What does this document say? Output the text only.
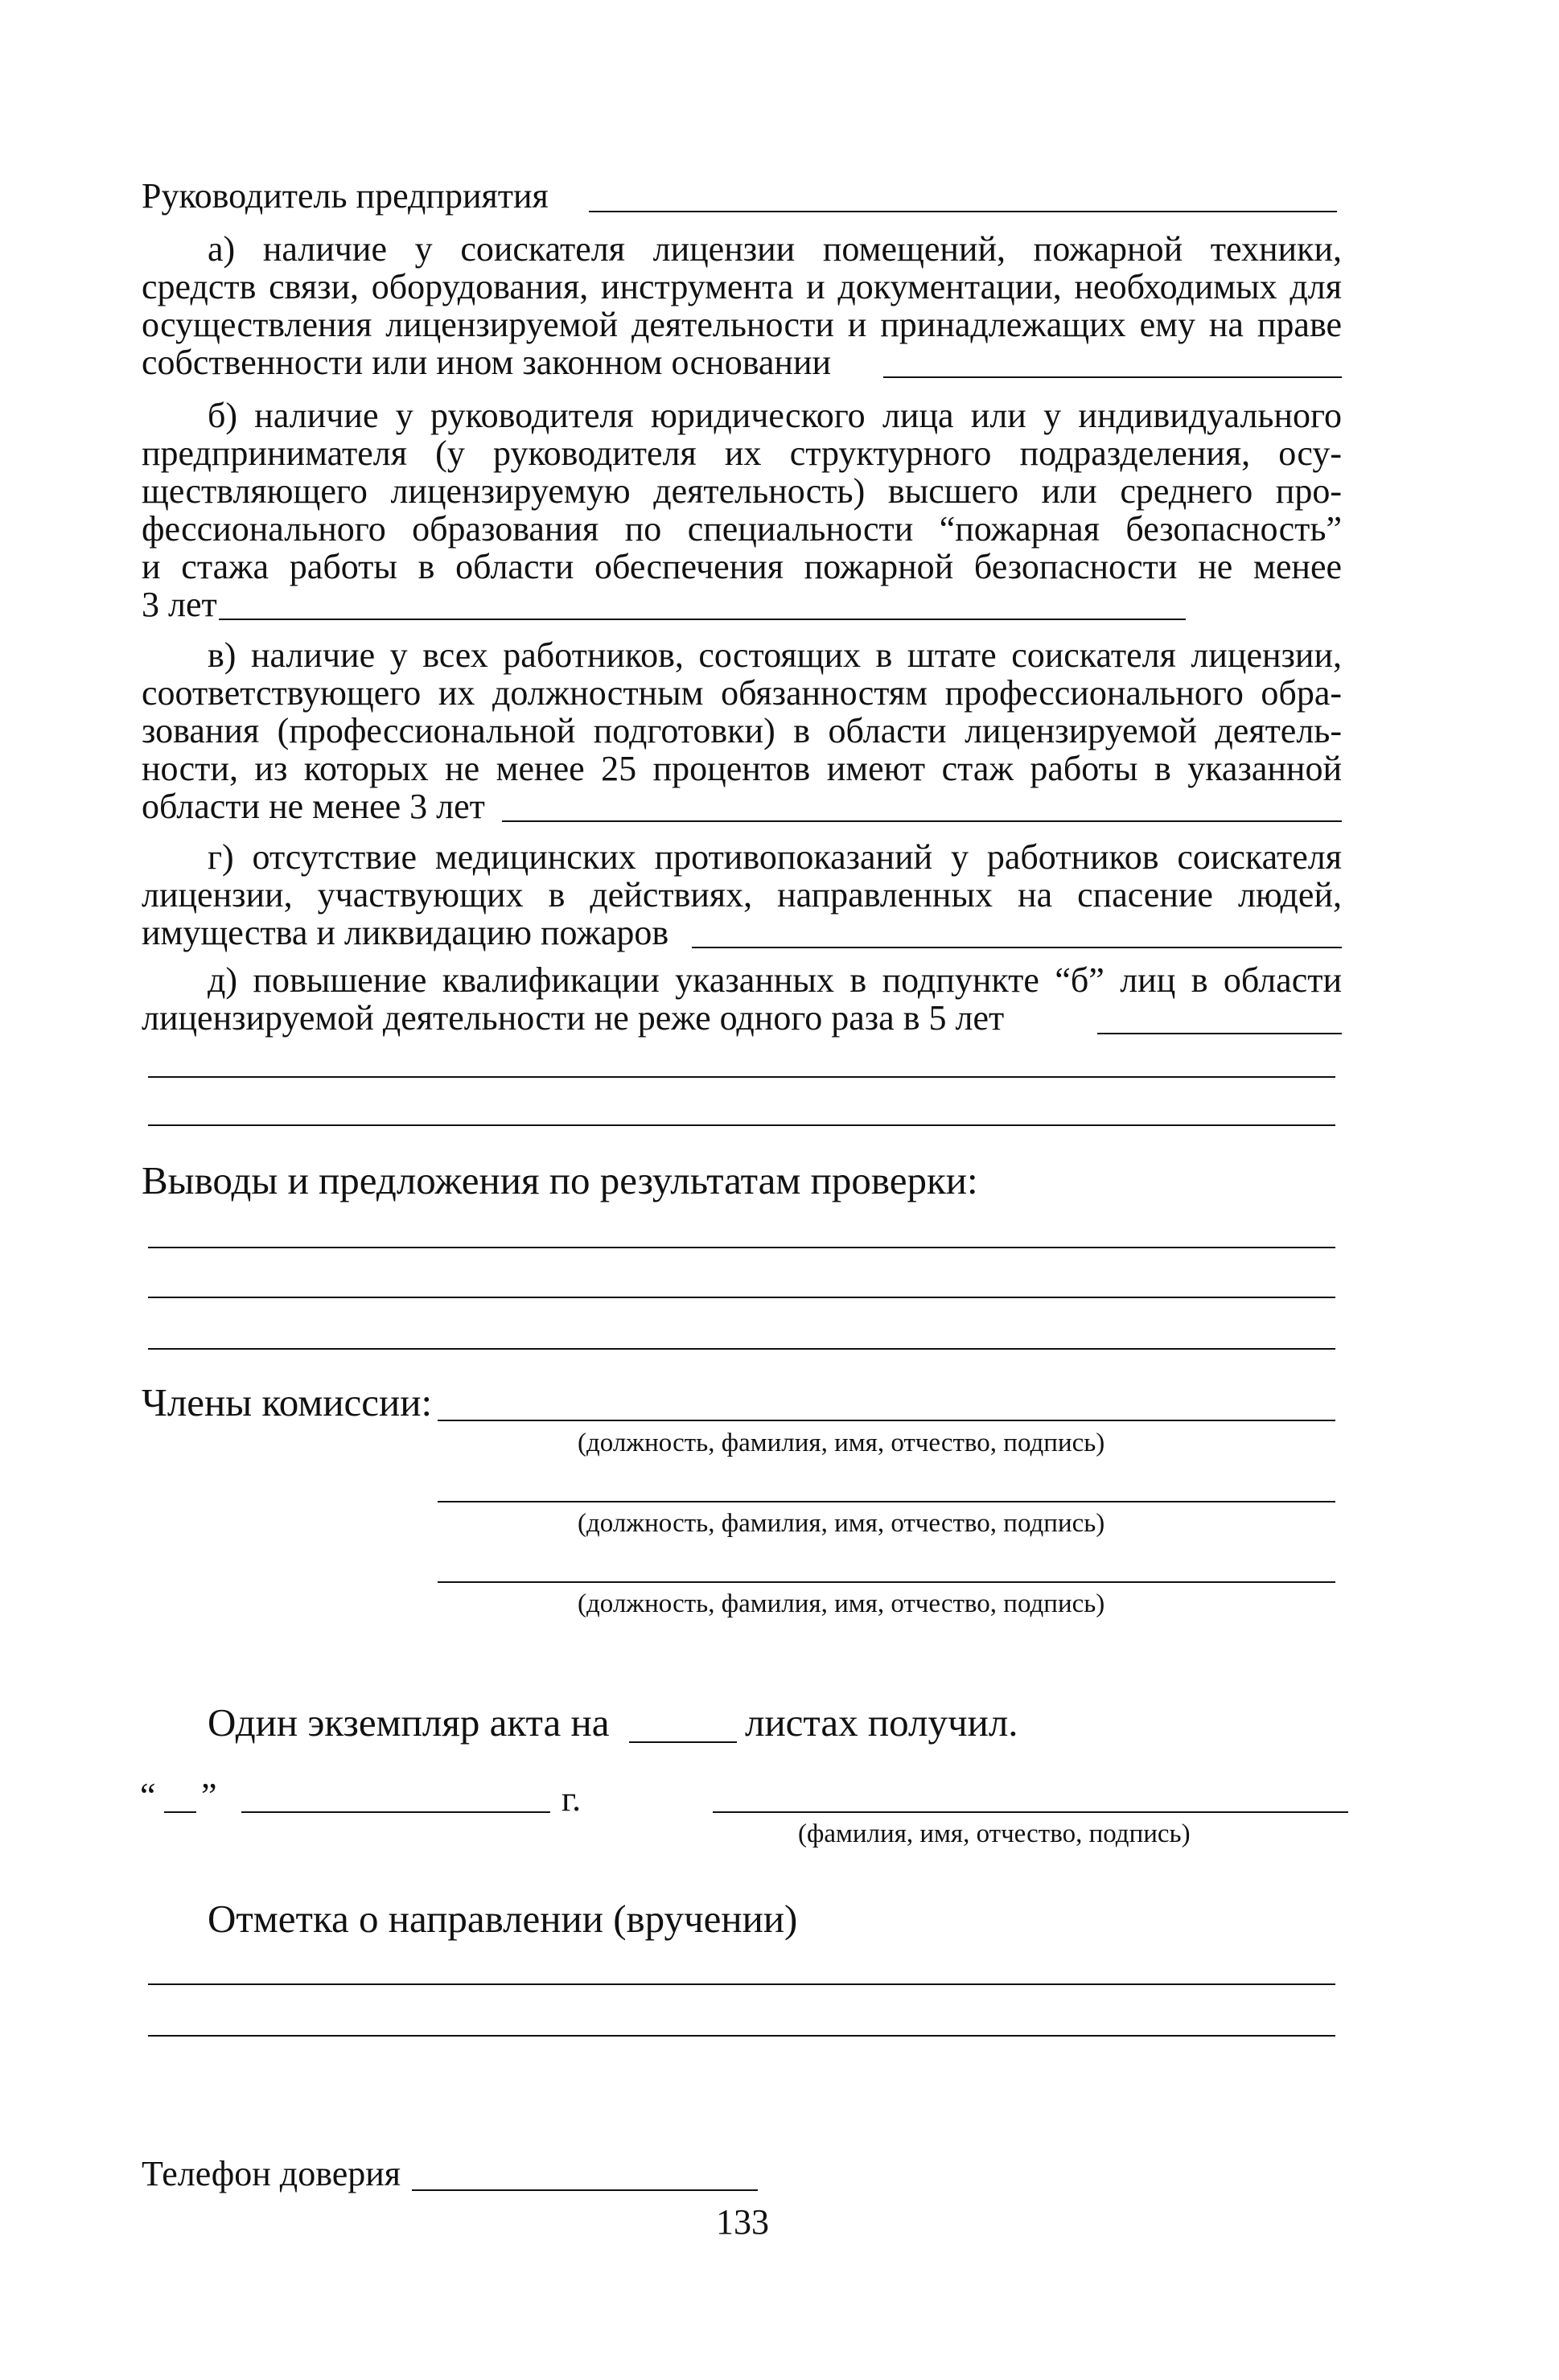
Руководитель предприятия
а) наличие у соискателя лицензии помещений, пожарной техники,
средств связи, оборудования, инструмента и документации, необходимых для
осуществления лицензируемой деятельности и принадлежащих ему на праве
собственности или ином законном основании
б) наличие у руководителя юридического лица или у индивидуального
предпринимателя (у руководителя их структурного подразделения, осу-
ществляющего лицензируемую деятельность) высшего или среднего про-
фессионального образования по специальности “пожарная безопасность”
и стажа работы в области обеспечения пожарной безопасности не менее
3 лет
в) наличие у всех работников, состоящих в штате соискателя лицензии,
соответствующего их должностным обязанностям профессионального обра-
зования (профессиональной подготовки) в области лицензируемой деятель-
ности, из которых не менее 25 процентов имеют стаж работы в указанной
области не менее 3 лет
г) отсутствие медицинских противопоказаний у работников соискателя
лицензии, участвующих в действиях, направленных на спасение людей,
имущества и ликвидацию пожаров
д) повышение квалификации указанных в подпункте “б” лиц в области
лицензируемой деятельности не реже одного раза в 5 лет
Выводы и предложения по результатам проверки:
Члены комиссии:
(должность, фамилия, имя, отчество, подпись)
(должность, фамилия, имя, отчество, подпись)
(должность, фамилия, имя, отчество, подпись)
Один экземпляр акта на	листах получил.
“ ”	г.
(фамилия, имя, отчество, подпись)
Отметка о направлении (вручении)
Телефон доверия
133
